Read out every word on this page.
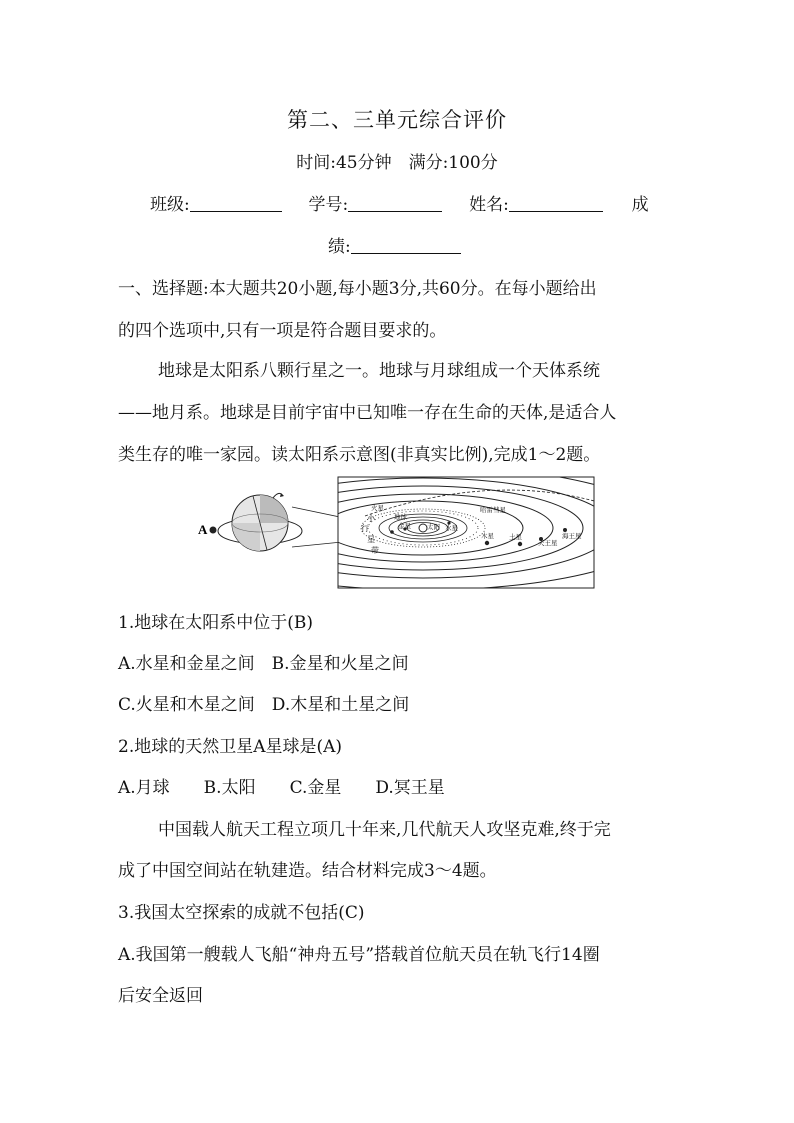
第二、三单元综合评价
时间:45分钟　满分:100分
班级:	学号:	姓名:	成
绩:
一、选择题:本大题共20小题,每小题3分,共60分。在每小题给出
的四个选项中,只有一项是符合题目要求的。
地球是太阳系八颗行星之一。地球与月球组成一个天体系统
——地月系。地球是目前宇宙中已知唯一存在生命的天体,是适合人
类生存的唯一家园。读太阳系示意图(非真实比例),完成1～2题。
A	太阳 水星
金星
地球
火星
木星 土星
天王星
海王星
哈雷彗星
小
行
星
带
1.地球在太阳系中位于(B)
A.水星和金星之间　B.金星和火星之间
C.火星和木星之间　D.木星和土星之间
2.地球的天然卫星A星球是(A)
A.月球　　B.太阳　　C.金星　　D.冥王星
中国载人航天工程立项几十年来,几代航天人攻坚克难,终于完
成了中国空间站在轨建造。结合材料完成3～4题。
3.我国太空探索的成就不包括(C)
A.我国第一艘载人飞船“神舟五号”搭载首位航天员在轨飞行14圈
后安全返回
